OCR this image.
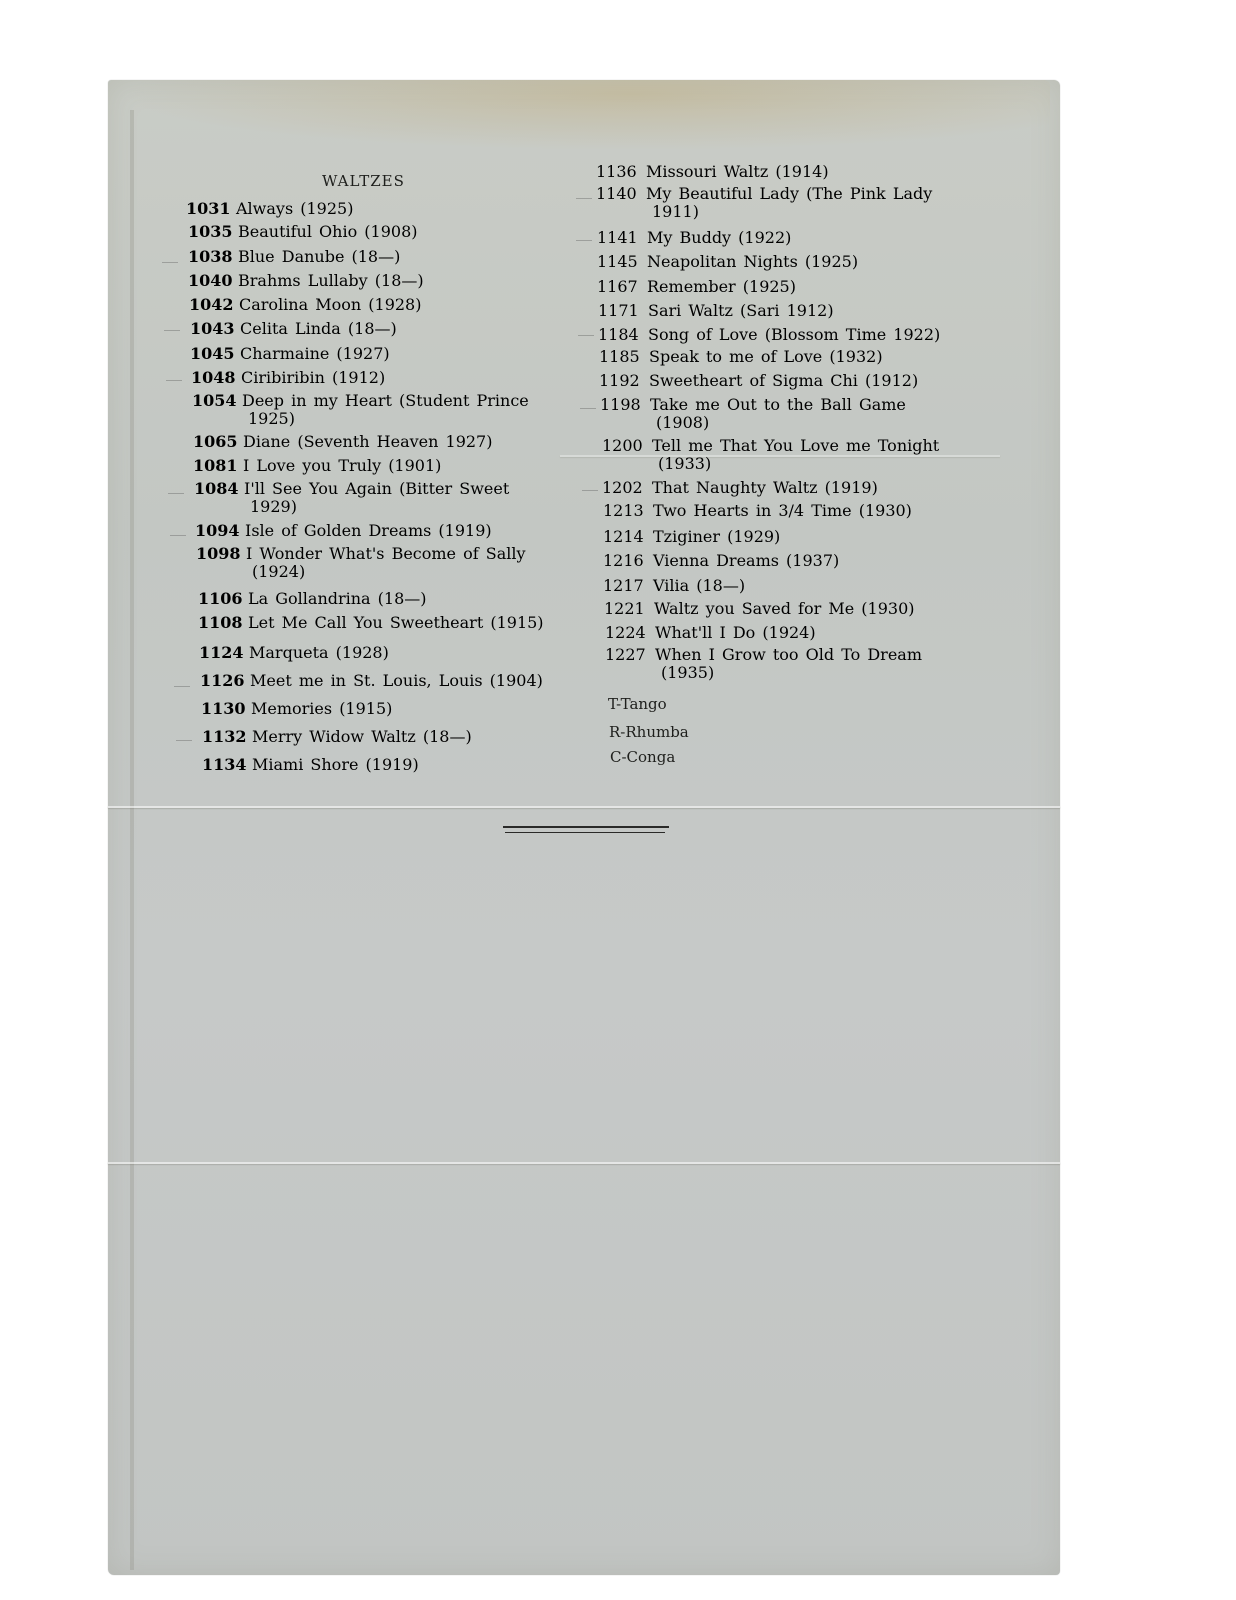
WALTZES
1031 Always (1925)
1035 Beautiful Ohio (1908)
1038 Blue Danube (18—)
1040 Brahms Lullaby (18—)
1042 Carolina Moon (1928)
1043 Celita Linda (18—)
1045 Charmaine (1927)
1048 Ciribiribin (1912)
1054 Deep in my Heart (Student Prince
1925)
1065 Diane (Seventh Heaven 1927)
1081 I Love you Truly (1901)
1084 I'll See You Again (Bitter Sweet
1929)
1094 Isle of Golden Dreams (1919)
1098 I Wonder What's Become of Sally
(1924)
1106 La Gollandrina (18—)
1108 Let Me Call You Sweetheart (1915)
1124 Marqueta (1928)
1126 Meet me in St. Louis, Louis (1904)
1130 Memories (1915)
1132 Merry Widow Waltz (18—)
1134 Miami Shore (1919)
1136 Missouri Waltz (1914)
1140 My Beautiful Lady (The Pink Lady
1911)
1141 My Buddy (1922)
1145 Neapolitan Nights (1925)
1167 Remember (1925)
1171 Sari Waltz (Sari 1912)
1184 Song of Love (Blossom Time 1922)
1185 Speak to me of Love (1932)
1192 Sweetheart of Sigma Chi (1912)
1198 Take me Out to the Ball Game
(1908)
1200 Tell me That You Love me Tonight
(1933)
1202 That Naughty Waltz (1919)
1213 Two Hearts in 3/4 Time (1930)
1214 Tziginer (1929)
1216 Vienna Dreams (1937)
1217 Vilia (18—)
1221 Waltz you Saved for Me (1930)
1224 What'll I Do (1924)
1227 When I Grow too Old To Dream
(1935)
T-Tango
R-Rhumba
C-Conga
